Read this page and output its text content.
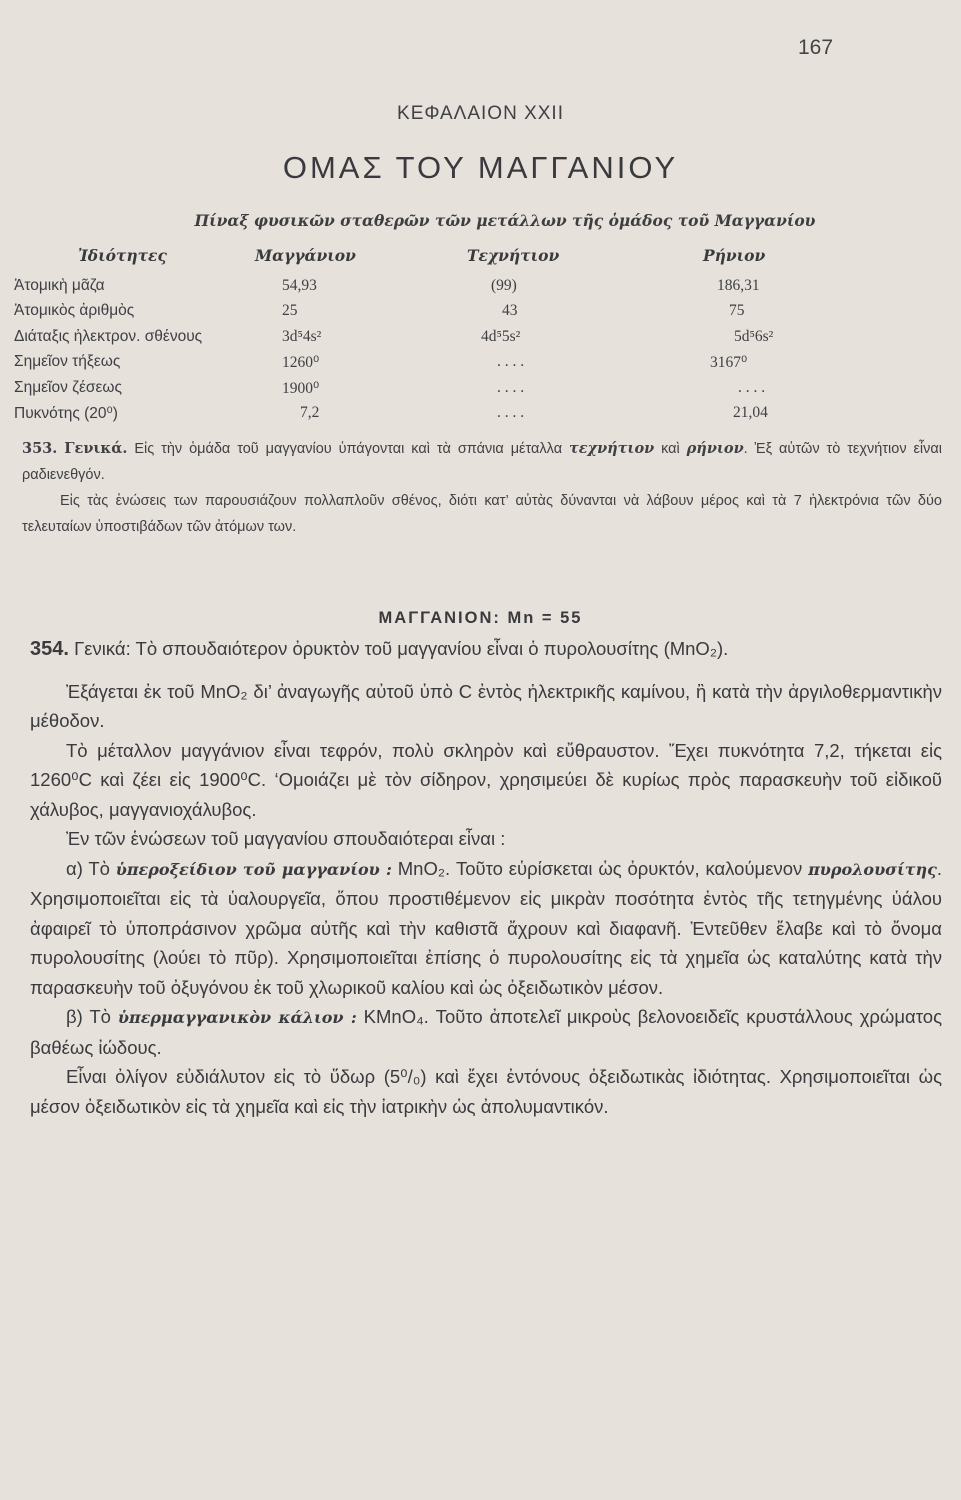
167
ΚΕΦΑΛΑΙΟΝ XXII
ΟΜΑΣ ΤΟΥ ΜΑΓΓΑΝΙΟΥ
Πίναξ φυσικῶν σταθερῶν τῶν μετάλλων τῆς ὁμάδος τοῦ Μαγγανίου
Ἰδιότητες	Μαγγάνιον	Τεχνήτιον	Ρήνιον
Ἀτομικὴ μᾶζα	54,93	(99)	186,31
Ἀτομικὸς ἀριθμὸς	25	43	75
Διάταξις ἠλεκτρον. σθένους	3d⁵4s²	4d⁵5s²	5d⁵6s²
Σημεῖον τήξεως	1260⁰	. . . .	3167⁰
Σημεῖον ζέσεως	1900⁰	. . . .	. . . .
Πυκνότης (20⁰)	7,2	. . . .	21,04
353. Γενικά. Εἰς τὴν ὁμάδα τοῦ μαγγανίου ὑπάγονται καὶ τὰ σπάνια μέταλλα τεχνήτιον καὶ ρήνιον. Ἐξ αὐτῶν τὸ τεχνήτιον εἶναι ραδιενεθγόν.
Εἰς τὰς ἑνώσεις των παρουσιάζουν πολλαπλοῦν σθένος, διότι κατ’ αὐτὰς δύνανται νὰ λάβουν μέρος καὶ τὰ 7 ἠλεκτρόνια τῶν δύο τελευταίων ὑποστιβάδων τῶν ἀτόμων των.
ΜΑΓΓΑΝΙΟΝ: Mn = 55

354. Γενικά: Τὸ σπουδαιότερον ὀρυκτὸν τοῦ μαγγανίου εἶναι ὁ πυρολουσίτης (MnO₂).

Ἐξάγεται ἐκ τοῦ MnO₂ δι’ ἀναγωγῆς αὐτοῦ ὑπὸ C ἐντὸς ἠλεκτρικῆς καμίνου, ἢ κατὰ τὴν ἀργιλοθερμαντικὴν μέθοδον.

Τὸ μέταλλον μαγγάνιον εἶναι τεφρόν, πολὺ σκληρὸν καὶ εὔθραυστον. Ἔχει πυκνότητα 7,2, τήκεται εἰς 1260⁰C καὶ ζέει εἰς 1900⁰C. ‘Ομοιάζει μὲ τὸν σίδηρον, χρησιμεύει δὲ κυρίως πρὸς παρασκευὴν τοῦ εἰδικοῦ χάλυβος, μαγγανιοχάλυβος.

Ἐν τῶν ἑνώσεων τοῦ μαγγανίου σπουδαιότεραι εἶναι :

α) Τὸ ὑπεροξείδιον τοῦ μαγγανίου : MnO₂. Τοῦτο εὑρίσκεται ὡς ὀρυκτόν, καλούμενον πυρολουσίτης. Χρησιμοποιεῖται εἰς τὰ ὑαλουργεῖα, ὅπου προστιθέμενον εἰς μικρὰν ποσότητα ἐντὸς τῆς τετηγμένης ὑάλου ἀφαιρεῖ τὸ ὑποπράσινον χρῶμα αὐτῆς καὶ τὴν καθιστᾶ ἄχρουν καὶ διαφανῆ. Ἐντεῦθεν ἔλαβε καὶ τὸ ὄνομα πυρολουσίτης (λούει τὸ πῦρ). Χρησιμοποιεῖται ἐπίσης ὁ πυρολουσίτης εἰς τὰ χημεῖα ὡς καταλύτης κατὰ τὴν παρασκευὴν τοῦ ὀξυγόνου ἐκ τοῦ χλωρικοῦ καλίου καὶ ὡς ὀξειδωτικὸν μέσον.

β) Τὸ ὑπερμαγγανικὸν κάλιον : KMnO₄. Τοῦτο ἀποτελεῖ μικροὺς βελονοειδεῖς κρυστάλλους χρώματος βαθέως ἰώδους.

Εἶναι ὀλίγον εὐδιάλυτον εἰς τὸ ὕδωρ (5⁰/₀) καὶ ἔχει ἐντόνους ὀξειδωτικὰς ἰδιότητας. Χρησιμοποιεῖται ὡς μέσον ὀξειδωτικὸν εἰς τὰ χημεῖα καὶ εἰς τὴν ἰατρικὴν ὡς ἀπολυμαντικόν.
